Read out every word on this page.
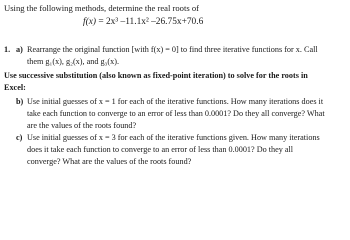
Using the following methods, determine the real roots of
f(x) = 2x³ –11.1x² –26.75x+70.6
1. a) Rearrange the original function [with f(x) = 0] to find three iterative functions for x. Call
them g₁(x), g₂(x), and g₃(x).
Use successive substitution (also known as fixed-point iteration) to solve for the roots in
Excel:
b) Use initial guesses of x = 1 for each of the iterative functions. How many iterations does it
take each function to converge to an error of less than 0.0001? Do they all converge? What
are the values of the roots found?
c) Use initial guesses of x = 3 for each of the iterative functions given. How many iterations
does it take each function to converge to an error of less than 0.0001? Do they all
converge? What are the values of the roots found?
